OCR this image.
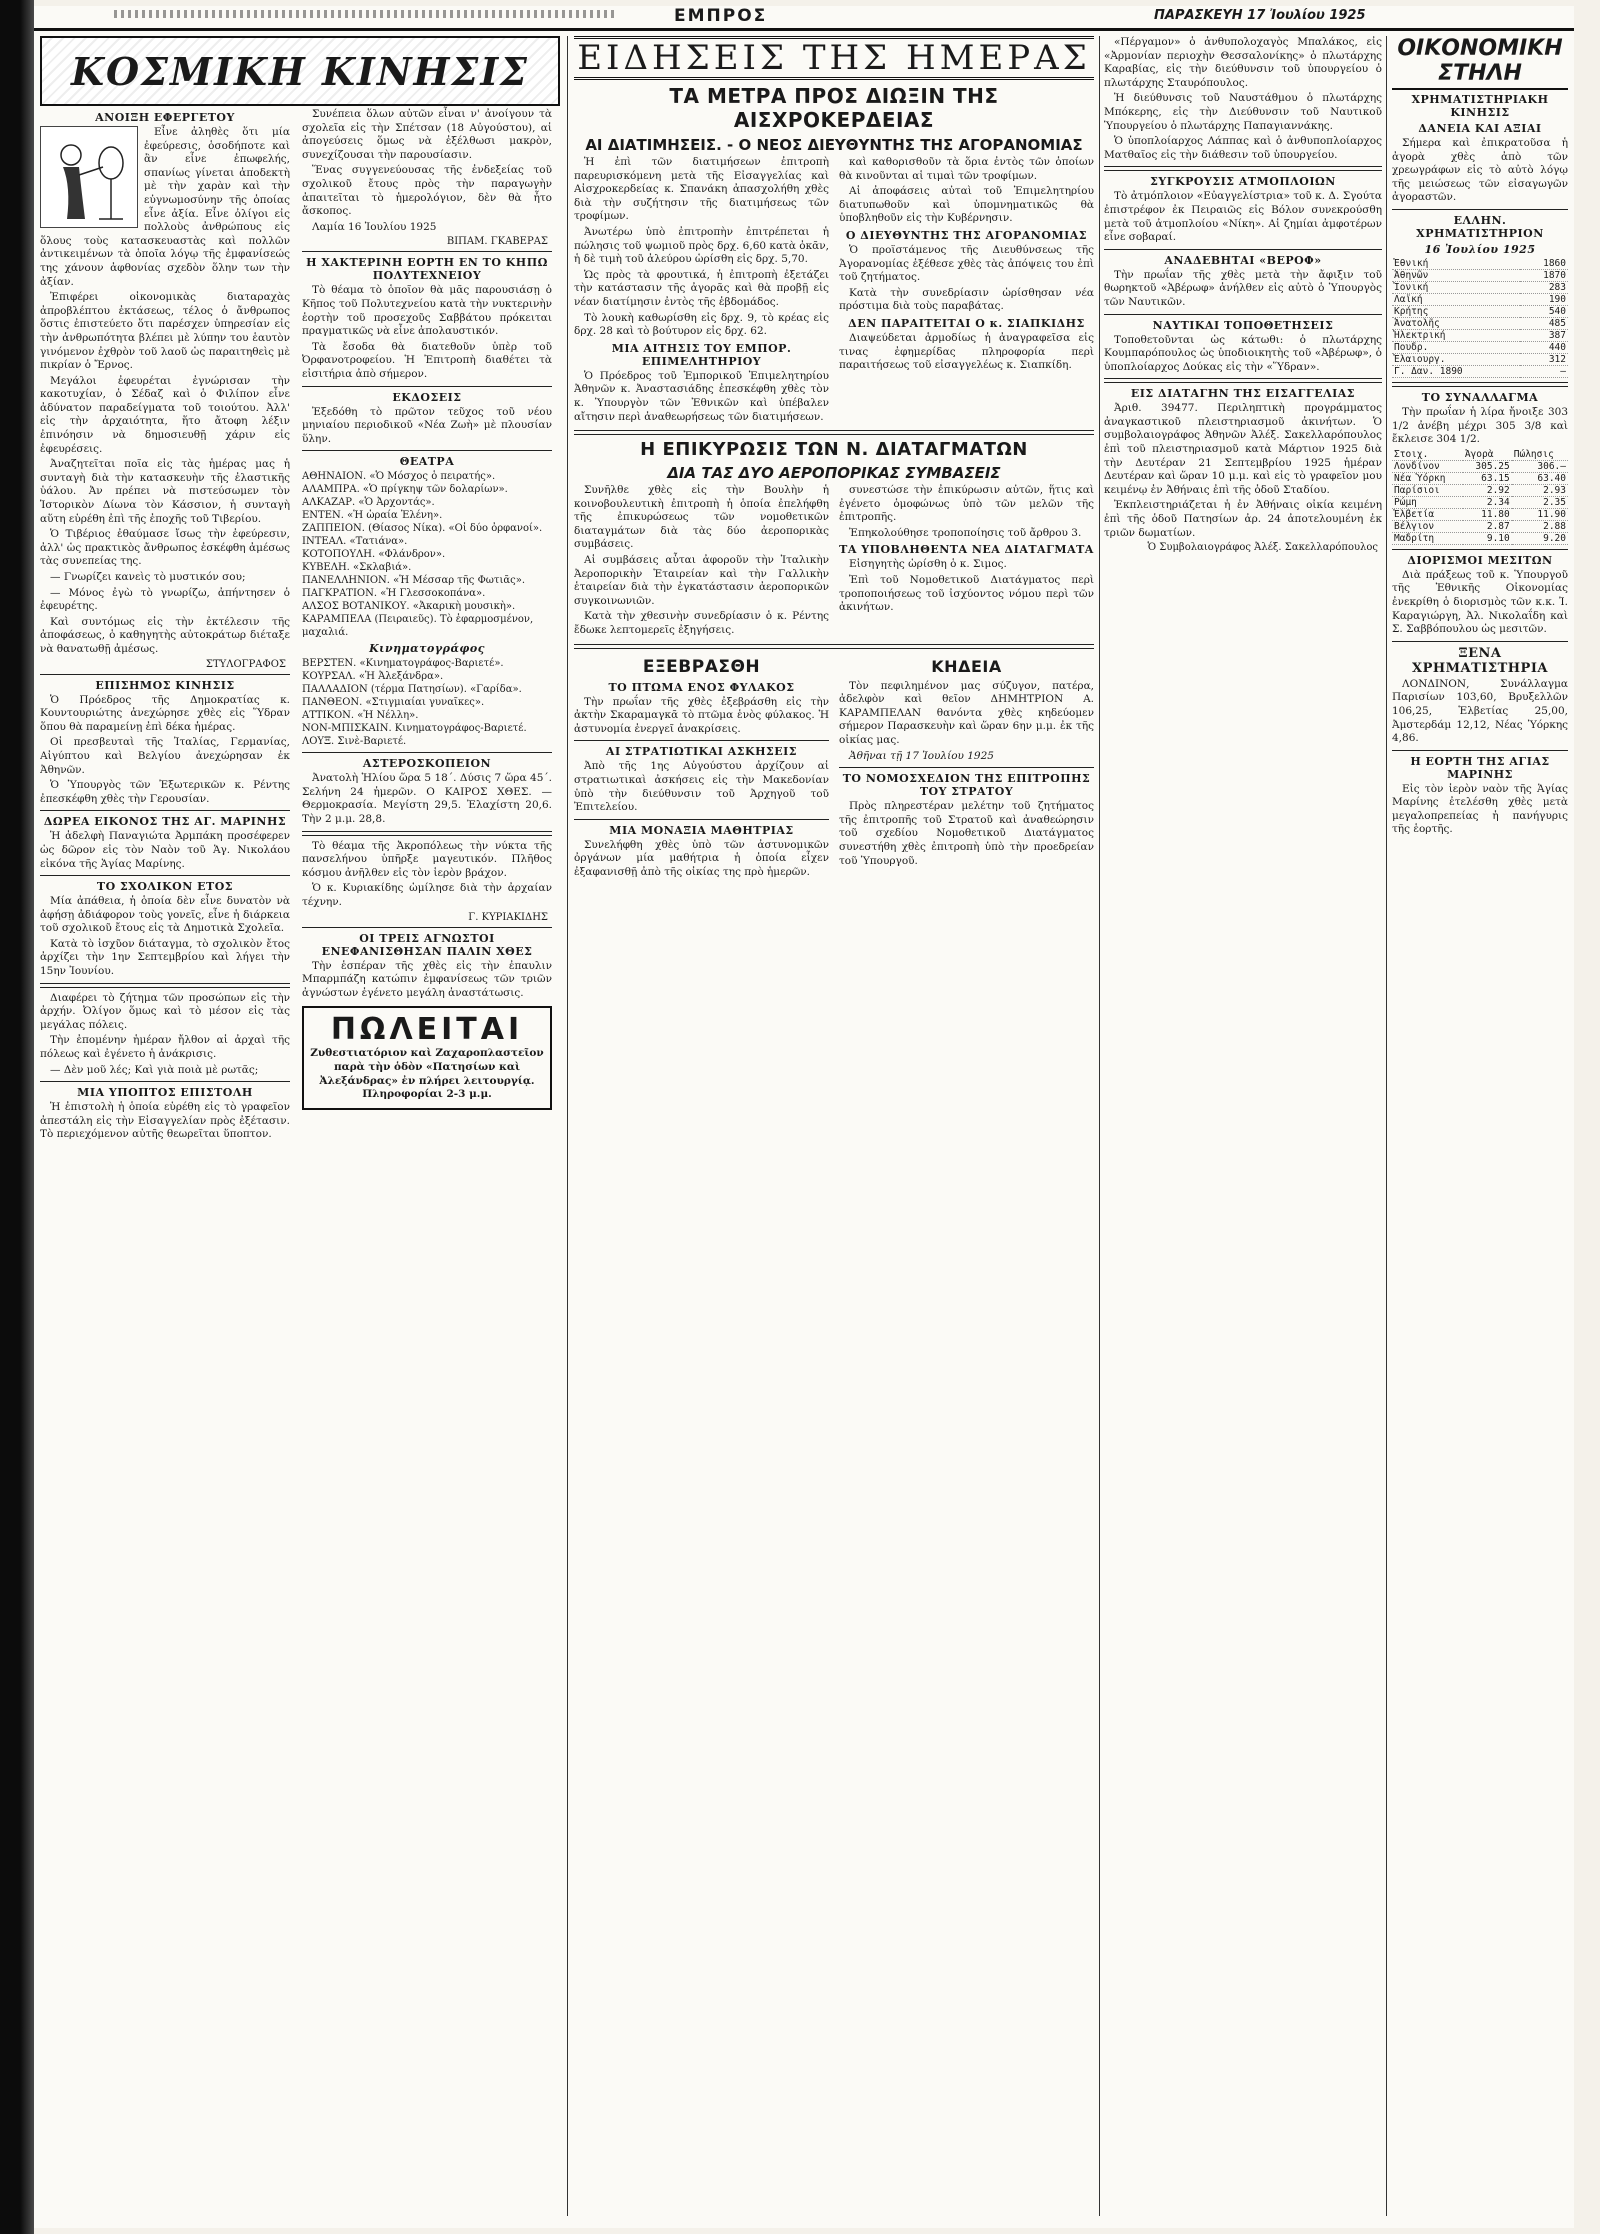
ΕΜΠΡΟΣ	ΠΑΡΑΣΚΕΥΗ 17 Ἰουλίου 1925
ΚΟΣΜΙΚΗ ΚΙΝΗΣΙΣ
ΑΝΟΙΞΗ ΕΦΕΡΓΕΤΟΥ

Εἶνε ἀληθὲς ὅτι μία ἐφεύρεσις, ὁσοδήποτε καὶ ἂν εἶνε ἐπωφελής, σπανίως γίνεται ἀποδεκτὴ μὲ τὴν χαρὰν καὶ τὴν εὐγνωμοσύνην τῆς ὁποίας εἶνε ἀξία. Εἶνε ὀλίγοι εἰς πολλοὺς ἀνθρώπους εἰς ὅλους τοὺς κατασκευαστὰς καὶ πολλῶν ἀντικειμένων τὰ ὁποῖα λόγῳ τῆς ἐμφανίσεώς της χάνουν ἀφθονίας σχεδὸν ὅλην των τὴν ἀξίαν.

Ἐπιφέρει οἰκονομικὰς διαταραχὰς ἀπροβλέπτου ἐκτάσεως, τέλος ὁ ἄνθρωπος ὅστις ἐπιστεύετο ὅτι παρέσχεν ὑπηρεσίαν εἰς τὴν ἀνθρωπότητα βλέπει μὲ λύπην του ἑαυτὸν γινόμενον ἐχθρὸν τοῦ λαοῦ ὡς παραιτηθεὶς μὲ πικρίαν ὁ Ἔρνος.

Μεγάλοι ἐφευρέται ἐγνώρισαν τὴν κακοτυχίαν, ὁ Σέδαζ καὶ ὁ Φιλίπον εἶνε ἀδύνατον παραδείγματα τοῦ τοιούτου. Ἀλλ' εἰς τὴν ἀρχαιότητα, ἥτο ἄτοφη λέξιν ἐπινόησιν νὰ δημοσιευθῇ χάριν εἰς ἐφευρέσεις.

Ἀναζητεῖται ποῖα εἰς τὰς ἡμέρας μας ἡ συνταγὴ διὰ τὴν κατασκευὴν τῆς ἐλαστικῆς ὑάλου. Ἀν πρέπει νὰ πιστεύσωμεν τὸν Ἱστορικὸν Δίωνα τὸν Κάσσιον, ἡ συνταγὴ αὕτη εὑρέθη ἐπὶ τῆς ἐποχῆς τοῦ Τιβερίου.

Ὁ Τιβέριος ἐθαύμασε ἴσως τὴν ἐφεύρεσιν, ἀλλ' ὡς πρακτικὸς ἄνθρωπος ἐσκέφθη ἀμέσως τὰς συνεπείας της.

— Γνωρίζει κανεὶς τὸ μυστικόν σου;

— Μόνος ἐγὼ τὸ γνωρίζω, ἀπήντησεν ὁ ἐφευρέτης.

Καὶ συντόμως εἰς τὴν ἐκτέλεσιν τῆς ἀποφάσεως, ὁ καθηγητὴς αὐτοκράτωρ διέταξε νὰ θανατωθῇ ἀμέσως.

ΣΤΥΛΟΓΡΑΦΟΣ
ΕΠΙΣΗΜΟΣ ΚΙΝΗΣΙΣ

Ὁ Πρόεδρος τῆς Δημοκρατίας κ. Κουντουριώτης ἀνεχώρησε χθὲς εἰς Ὕδραν ὅπου θὰ παραμείνῃ ἐπὶ δέκα ἡμέρας.

Οἱ πρεσβευταὶ τῆς Ἰταλίας, Γερμανίας, Αἰγύπτου καὶ Βελγίου ἀνεχώρησαν ἐκ Ἀθηνῶν.

Ὁ Ὑπουργὸς τῶν Ἐξωτερικῶν κ. Ρέντης ἐπεσκέφθη χθὲς τὴν Γερουσίαν.

ΔΩΡΕΑ ΕΙΚΟΝΟΣ ΤΗΣ ΑΓ. ΜΑΡΙΝΗΣ

Ἡ ἀδελφὴ Παναγιώτα Ἀρμπάκη προσέφερεν ὡς δῶρον εἰς τὸν Ναὸν τοῦ Ἁγ. Νικολάου εἰκόνα τῆς Ἁγίας Μαρίνης.

ΤΟ ΣΧΟΛΙΚΟΝ ΕΤΟΣ

Μία ἀπάθεια, ἡ ὁποία δὲν εἶνε δυνατὸν νὰ ἀφήσῃ ἀδιάφορον τοὺς γονεῖς, εἶνε ἡ διάρκεια τοῦ σχολικοῦ ἔτους εἰς τὰ Δημοτικὰ Σχολεῖα.

Κατὰ τὸ ἰσχῦον διάταγμα, τὸ σχολικὸν ἔτος ἀρχίζει τὴν 1ην Σεπτεμβρίου καὶ λήγει τὴν 15ην Ἰουνίου.

Διαφέρει τὸ ζήτημα τῶν προσώπων εἰς τὴν ἀρχήν. Ὀλίγον ὅμως καὶ τὸ μέσον εἰς τὰς μεγάλας πόλεις.

Τὴν ἐπομένην ἡμέραν ἤλθον αἱ ἀρχαὶ τῆς πόλεως καὶ ἐγένετο ἡ ἀνάκρισις.

— Δὲν μοῦ λές; Καὶ γιὰ ποιὰ μὲ ρωτᾶς;

ΜΙΑ ΥΠΟΠΤΟΣ ΕΠΙΣΤΟΛΗ

Ἡ ἐπιστολὴ ἡ ὁποία εὑρέθη εἰς τὸ γραφεῖον ἀπεστάλη εἰς τὴν Εἰσαγγελίαν πρὸς ἐξέτασιν. Τὸ περιεχόμενον αὐτῆς θεωρεῖται ὕποπτον.

Συνέπεια ὅλων αὐτῶν εἶναι ν' ἀνοίγουν τὰ σχολεῖα εἰς τὴν Σπέτσαν (18 Αὐγούστου), αἱ ἀπογεύσεις ὅμως νὰ ἐξέλθωσι μακρὸν, συνεχίζουσαι τὴν παρουσίασιν.

Ἕνας συγγενεύουσας τῆς ἐνδεξείας τοῦ σχολικοῦ ἔτους πρὸς τὴν παραγωγὴν ἀπαιτεῖται τὸ ἡμερολόγιον, δὲν θὰ ἦτο ἄσκοπος.

Λαμία 16 Ἰουλίου 1925

ΒΙΠΑΜ. ΓΚΑΒΕΡΑΣ
Η ΧΑΚΤΕΡΙΝΗ ΕΟΡΤΗ ΕΝ ΤΟ ΚΗΠΩ ΠΟΛΥΤΕΧΝΕΙΟΥ

Τὸ θέαμα τὸ ὁποῖον θὰ μᾶς παρουσιάσῃ ὁ Κῆπος τοῦ Πολυτεχνείου κατὰ τὴν νυκτερινὴν ἑορτὴν τοῦ προσεχοῦς Σαββάτου πρόκειται πραγματικῶς νὰ εἶνε ἀπολαυστικόν.

Τὰ ἔσοδα θὰ διατεθοῦν ὑπὲρ τοῦ Ὀρφανοτροφείου. Ἡ Ἐπιτροπὴ διαθέτει τὰ εἰσιτήρια ἀπὸ σήμερον.

ΕΚΔΟΣΕΙΣ

Ἐξεδόθη τὸ πρῶτον τεῦχος τοῦ νέου μηνιαίου περιοδικοῦ «Νέα Ζωὴ» μὲ πλουσίαν ὕλην.

ΘΕΑΤΡΑ

ΑΘΗΝΑΙΟΝ. «Ὁ Μόσχος ὁ πειρατής».

ΑΛΑΜΠΡΑ. «Ὁ πρίγκηψ τῶν δολαρίων».

ΑΛΚΑΖΑΡ. «Ὁ Ἀρχοντάς».

ΕΝΤΕΝ. «Ἡ ὡραία Ἑλένη».

ΖΑΠΠΕΙΟΝ. (Θίασος Νίκα). «Οἱ δύο ὀρφανοί».

ΙΝΤΕΑΛ. «Τατιάνα».

ΚΟΤΟΠΟΥΛΗ. «Φλάνδρον».

ΚΥΒΕΛΗ. «Σκλαβιά».

ΠΑΝΕΛΛΗΝΙΟΝ. «Ἡ Μέσσαρ τῆς Φωτιᾶς».

ΠΑΓΚΡΑΤΙΟΝ. «Ἡ Γλεσσοκοπάνα».

ΑΛΣΟΣ ΒΟΤΑΝΙΚΟΥ. «Ἀκαρικὴ μουσικὴ».

ΚΑΡΑΜΠΕΛΑ (Πειραιεῦς). Τὸ ἐφαρμοσμένον, μαχαλιά.

Κινηματογράφος

ΒΕΡΣΤΕΝ. «Κινηματογράφος-Βαριετέ».

ΚΟΥΡΣΑΛ. «Ἡ Ἀλεξάνδρα».

ΠΑΛΛΑΔΙΟΝ (τέρμα Πατησίων). «Γαρίδα».

ΠΑΝΘΕΟΝ. «Στιγμιαίαι γυναῖκες».

ΑΤΤΙΚΟΝ. «Ἡ Νέλλη».

ΝΟΝ-ΜΠΙΣΚΑΙΝ. Κινηματογράφος-Βαριετέ.

ΛΟΥΞ. Σινὲ-Βαριετέ.

ΑΣΤΕΡΟΣΚΟΠΕΙΟΝ

Ἀνατολὴ Ἡλίου ὥρα 5 18΄. Δύσις 7 ὥρα 45΄. Σελήνη 24 ἡμερῶν. Ο ΚΑΙΡΟΣ ΧΘΕΣ. — Θερμοκρασία. Μεγίστη 29,5. Ἐλαχίστη 20,6. Τὴν 2 μ.μ. 28,8.

Τὸ θέαμα τῆς Ἀκροπόλεως τὴν νύκτα τῆς πανσελήνου ὑπῆρξε μαγευτικόν. Πλῆθος κόσμου ἀνῆλθεν εἰς τὸν ἱερὸν βράχον.

Ὁ κ. Κυριακίδης ὡμίλησε διὰ τὴν ἀρχαίαν τέχνην.

Γ. ΚΥΡΙΑΚΙΔΗΣ
ΟΙ ΤΡΕΙΣ ΑΓΝΩΣΤΟΙ ΕΝΕΦΑΝΙΣΘΗΣΑΝ ΠΑΛΙΝ ΧΘΕΣ

Τὴν ἑσπέραν τῆς χθὲς εἰς τὴν ἐπαυλιν Μπαρμπάζη κατώπιν ἐμφανίσεως τῶν τριῶν ἀγνώστων ἐγένετο μεγάλη ἀναστάτωσις.

ΠΩΛΕΙΤΑΙ

Ζυθεστιατόριον καὶ Ζαχαροπλαστεῖον παρὰ τὴν ὁδὸν «Πατησίων καὶ Ἀλεξάνδρας» ἐν πλήρει λειτουργίᾳ. Πληροφορίαι 2-3 μ.μ.

ΕΙΔΗΣΕΙΣ ΤΗΣ ΗΜΕΡΑΣ
ΤΑ ΜΕΤΡΑ ΠΡΟΣ ΔΙΩΞΙΝ ΤΗΣ ΑΙΣΧΡΟΚΕΡΔΕΙΑΣ
ΑΙ ΔΙΑΤΙΜΗΣΕΙΣ. - Ο ΝΕΟΣ ΔΙΕΥΘΥΝΤΗΣ ΤΗΣ ΑΓΟΡΑΝΟΜΙΑΣ

Ἡ ἐπὶ τῶν διατιμήσεων ἐπιτροπὴ παρευρισκόμενη μετὰ τῆς Εἰσαγγελίας καὶ Αἰσχροκερδείας κ. Σπανάκη ἀπασχολήθη χθὲς διὰ τὴν συζήτησιν τῆς διατιμήσεως τῶν τροφίμων.

Ἀνωτέρω ὑπὸ ἐπιτροπὴν ἐπιτρέπεται ἡ πώλησις τοῦ ψωμιοῦ πρὸς δρχ. 6,60 κατὰ ὀκᾶν, ἡ δὲ τιμὴ τοῦ ἀλεύρου ὡρίσθη εἰς δρχ. 5,70.

Ὡς πρὸς τὰ φρουτικά, ἡ ἐπιτροπὴ ἐξετάζει τὴν κατάστασιν τῆς ἀγορᾶς καὶ θὰ προβῇ εἰς νέαν διατίμησιν ἐντὸς τῆς ἑβδομάδος.

Τὸ λουκὴ καθωρίσθη εἰς δρχ. 9, τὸ κρέας εἰς δρχ. 28 καὶ τὸ βούτυρον εἰς δρχ. 62.

ΜΙΑ ΑΙΤΗΣΙΣ ΤΟΥ ΕΜΠΟΡ. ΕΠΙΜΕΛΗΤΗΡΙΟΥ

Ὁ Πρόεδρος τοῦ Ἐμπορικοῦ Ἐπιμελητηρίου Ἀθηνῶν κ. Ἀναστασιάδης ἐπεσκέφθη χθὲς τὸν κ. Ὑπουργὸν τῶν Ἐθνικῶν καὶ ὑπέβαλεν αἴτησιν περὶ ἀναθεωρήσεως τῶν διατιμήσεων.

καὶ καθορισθοῦν τὰ ὅρια ἐντὸς τῶν ὁποίων θὰ κινοῦνται αἱ τιμαὶ τῶν τροφίμων.

Αἱ ἀποφάσεις αὐταὶ τοῦ Ἐπιμελητηρίου διατυπωθοῦν καὶ ὑπομνηματικῶς θὰ ὑποβληθοῦν εἰς τὴν Κυβέρνησιν.

Ο ΔΙΕΥΘΥΝΤΗΣ ΤΗΣ ΑΓΟΡΑΝΟΜΙΑΣ

Ὁ προϊστάμενος τῆς Διευθύνσεως τῆς Ἀγορανομίας ἐξέθεσε χθὲς τὰς ἀπόψεις του ἐπὶ τοῦ ζητήματος.

Κατὰ τὴν συνεδρίασιν ὡρίσθησαν νέα πρόστιμα διὰ τοὺς παραβάτας.

ΔΕΝ ΠΑΡΑΙΤΕΙΤΑΙ Ο κ. ΣΙΑΠΚΙΔΗΣ

Διαψεύδεται ἁρμοδίως ἡ ἀναγραφεῖσα εἰς τινας ἐφημερίδας πληροφορία περὶ παραιτήσεως τοῦ εἰσαγγελέως κ. Σιαπκίδη.

Η ΕΠΙΚΥΡΩΣΙΣ ΤΩΝ Ν. ΔΙΑΤΑΓΜΑΤΩΝ
ΔΙΑ ΤΑΣ ΔΥΟ ΑΕΡΟΠΟΡΙΚΑΣ ΣΥΜΒΑΣΕΙΣ

Συνῆλθε χθὲς εἰς τὴν Βουλὴν ἡ κοινοβουλευτικὴ ἐπιτροπὴ ἡ ὁποία ἐπελήφθη τῆς ἐπικυρώσεως τῶν νομοθετικῶν διαταγμάτων διὰ τὰς δύο ἀεροπορικὰς συμβάσεις.

Αἱ συμβάσεις αὗται ἀφοροῦν τὴν Ἰταλικὴν Ἀεροπορικὴν Ἑταιρείαν καὶ τὴν Γαλλικὴν ἑταιρείαν διὰ τὴν ἐγκατάστασιν ἀεροπορικῶν συγκοινωνιῶν.

Κατὰ τὴν χθεσινὴν συνεδρίασιν ὁ κ. Ρέντης ἔδωκε λεπτομερεῖς ἐξηγήσεις.

συνεστώσε τὴν ἐπικύρωσιν αὐτῶν, ἥτις καὶ ἐγένετο ὁμοφώνως ὑπὸ τῶν μελῶν τῆς ἐπιτροπῆς.

Ἐπηκολούθησε τροποποίησις τοῦ ἄρθρου 3.

ΤΑ ΥΠΟΒΛΗΘΕΝΤΑ ΝΕΑ ΔΙΑΤΑΓΜΑΤΑ

Εἰσηγητὴς ὡρίσθη ὁ κ. Σιμος.

Ἐπὶ τοῦ Νομοθετικοῦ Διατάγματος περὶ τροποποιήσεως τοῦ ἰσχύοντος νόμου περὶ τῶν ἀκινήτων.

ΕΞΕΒΡΑΣΘΗ
ΤΟ ΠΤΩΜΑ ΕΝΟΣ ΦΥΛΑΚΟΣ

Τὴν πρωΐαν τῆς χθὲς ἐξεβράσθη εἰς τὴν ἀκτὴν Σκαραμαγκᾶ τὸ πτῶμα ἑνὸς φύλακος. Ἡ ἀστυνομία ἐνεργεῖ ἀνακρίσεις.

ΑΙ ΣΤΡΑΤΙΩΤΙΚΑΙ ΑΣΚΗΣΕΙΣ

Ἀπὸ τῆς 1ης Αὐγούστου ἀρχίζουν αἱ στρατιωτικαὶ ἀσκήσεις εἰς τὴν Μακεδονίαν ὑπὸ τὴν διεύθυνσιν τοῦ Ἀρχηγοῦ τοῦ Ἐπιτελείου.

ΜΙΑ ΜΟΝΑΞΙΑ ΜΑΘΗΤΡΙΑΣ

Συνελήφθη χθὲς ὑπὸ τῶν ἀστυνομικῶν ὀργάνων μία μαθήτρια ἡ ὁποία εἶχεν ἐξαφανισθῇ ἀπὸ τῆς οἰκίας της πρὸ ἡμερῶν.

ΚΗΔΕΙΑ

Τὸν πεφιλημένον μας σύζυγον, πατέρα, ἀδελφὸν καὶ θεῖον ΔΗΜΗΤΡΙΟΝ Α. ΚΑΡΑΜΠΕΛΑΝ θανόντα χθὲς κηδεύομεν σήμερον Παρασκευὴν καὶ ὥραν 6ην μ.μ. ἐκ τῆς οἰκίας μας.

Ἀθῆναι τῇ 17 Ἰουλίου 1925

ΤΟ ΝΟΜΟΣΧΕΔΙΟΝ ΤΗΣ ΕΠΙΤΡΟΠΗΣ ΤΟΥ ΣΤΡΑΤΟΥ

Πρὸς πληρεστέραν μελέτην τοῦ ζητήματος τῆς ἐπιτροπῆς τοῦ Στρατοῦ καὶ ἀναθεώρησιν τοῦ σχεδίου Νομοθετικοῦ Διατάγματος συνεστήθη χθὲς ἐπιτροπὴ ὑπὸ τὴν προεδρείαν τοῦ Ὑπουργοῦ.

«Πέργαμον» ὁ ἀνθυπολοχαγὸς Μπαλάκος, εἰς «Ἀρμονίαν περιοχὴν Θεσσαλονίκης» ὁ πλωτάρχης Καραβίας, εἰς τὴν διεύθυνσιν τοῦ ὑπουργείου ὁ πλωτάρχης Σταυρόπουλος.

Ἡ διεύθυνσις τοῦ Ναυστάθμου ὁ πλωτάρχης Μπόκερης, εἰς τὴν Διεύθυνσιν τοῦ Ναυτικοῦ Ὑπουργείου ὁ πλωτάρχης Παπαγιαννάκης.

Ὁ ὑποπλοίαρχος Λάππας καὶ ὁ ἀνθυποπλοίαρχος Ματθαῖος εἰς τὴν διάθεσιν τοῦ ὑπουργείου.

ΣΥΓΚΡΟΥΣΙΣ ΑΤΜΟΠΛΟΙΩΝ

Τὸ ἀτμόπλοιον «Εὐαγγελίστρια» τοῦ κ. Δ. Σγούτα ἐπιστρέφον ἐκ Πειραιῶς εἰς Βόλον συνεκρούσθη μετὰ τοῦ ἀτμοπλοίου «Νίκη». Αἱ ζημίαι ἀμφοτέρων εἶνε σοβαραί.

ΑΝΑΔΕΒΗΤΑΙ «ΒΕΡΟΦ»

Τὴν πρωΐαν τῆς χθὲς μετὰ τὴν ἄφιξιν τοῦ θωρηκτοῦ «Ἀβέρωφ» ἀνήλθεν εἰς αὐτὸ ὁ Ὑπουργὸς τῶν Ναυτικῶν.

ΝΑΥΤΙΚΑΙ ΤΟΠΟΘΕΤΗΣΕΙΣ

Τοποθετοῦνται ὡς κάτωθι: ὁ πλωτάρχης Κουμπαρόπουλος ὡς ὑποδιοικητὴς τοῦ «Ἀβέρωφ», ὁ ὑποπλοίαρχος Δούκας εἰς τὴν «Ὕδραν».

ΕΙΣ ΔΙΑΤΑΓΗΝ ΤΗΣ ΕΙΣΑΓΓΕΛΙΑΣ

Ἀριθ. 39477. Περιληπτικὴ προγράμματος ἀναγκαστικοῦ πλειστηριασμοῦ ἀκινήτων. Ὁ συμβολαιογράφος Ἀθηνῶν Ἀλέξ. Σακελλαρόπουλος ἐπὶ τοῦ πλειστηριασμοῦ κατὰ Μάρτιον 1925 διὰ τὴν Δευτέραν 21 Σεπτεμβρίου 1925 ἡμέραν Δευτέραν καὶ ὥραν 10 μ.μ. καὶ εἰς τὸ γραφεῖον μου κειμένῳ ἐν Ἀθήναις ἐπὶ τῆς ὁδοῦ Σταδίου.

Ἐκπλειστηριάζεται ἡ ἐν Ἀθήναις οἰκία κειμένη ἐπὶ τῆς ὁδοῦ Πατησίων ἀρ. 24 ἀποτελουμένη ἐκ τριῶν δωματίων.

Ὁ Συμβολαιογράφος Ἀλέξ. Σακελλαρόπουλος
ΟΙΚΟΝΟΜΙΚΗ ΣΤΗΛΗ
ΧΡΗΜΑΤΙΣΤΗΡΙΑΚΗ ΚΙΝΗΣΙΣ
ΔΑΝΕΙΑ ΚΑΙ ΑΞΙΑΙ

Σήμερα καὶ ἐπικρατοῦσα ἡ ἀγορὰ χθὲς ἀπὸ τῶν χρεωγράφων εἰς τὸ αὐτὸ λόγῳ τῆς μειώσεως τῶν εἰσαγωγῶν ἀγοραστῶν.

ΕΛΛΗΝ. ΧΡΗΜΑΤΙΣΤΗΡΙΟΝ
16 Ἰουλίου 1925
Ἐθνική	1860
Ἀθηνῶν	1870
Ἰονική	283
Λαϊκή	190
Κρήτης	540
Ἀνατολῆς	485
Ἡλεκτρική	387
Πουδρ.	440
Ἐλαιουργ.	312
Γ. Δαν. 1890	—
ΤΟ ΣΥΝΑΛΛΑΓΜΑ

Τὴν πρωΐαν ἡ λίρα ἤνοιξε 303 1/2 ἀνέβη μέχρι 305 3/8 καὶ ἔκλεισε 304 1/2.

Στοιχ.	Ἀγορὰ	Πώλησις
Λονδίνον	305.25	306.—
Νέα Ὑόρκη	63.15	63.40
Παρίσιοι	2.92	2.93
Ρώμη	2.34	2.35
Ἑλβετία	11.80	11.90
Βέλγιον	2.87	2.88
Μαδρίτη	9.10	9.20
ΔΙΟΡΙΣΜΟΙ ΜΕΣΙΤΩΝ

Διὰ πράξεως τοῦ κ. Ὑπουργοῦ τῆς Ἐθνικῆς Οἰκονομίας ἐνεκρίθη ὁ διορισμὸς τῶν κ.κ. Ἰ. Καραγιώργη, Ἀλ. Νικολαΐδη καὶ Σ. Σαββόπουλου ὡς μεσιτῶν.

ΞΕΝΑ ΧΡΗΜΑΤΙΣΤΗΡΙΑ

ΛΟΝΔΙΝΟΝ, Συνάλλαγμα Παρισίων 103,60, Βρυξελλῶν 106,25, Ἑλβετίας 25,00, Ἀμστερδάμ 12,12, Νέας Ὑόρκης 4,86.

Η ΕΟΡΤΗ ΤΗΣ ΑΓΙΑΣ ΜΑΡΙΝΗΣ

Εἰς τὸν ἱερὸν ναὸν τῆς Ἁγίας Μαρίνης ἐτελέσθη χθὲς μετὰ μεγαλοπρεπείας ἡ πανήγυρις τῆς ἑορτῆς.
